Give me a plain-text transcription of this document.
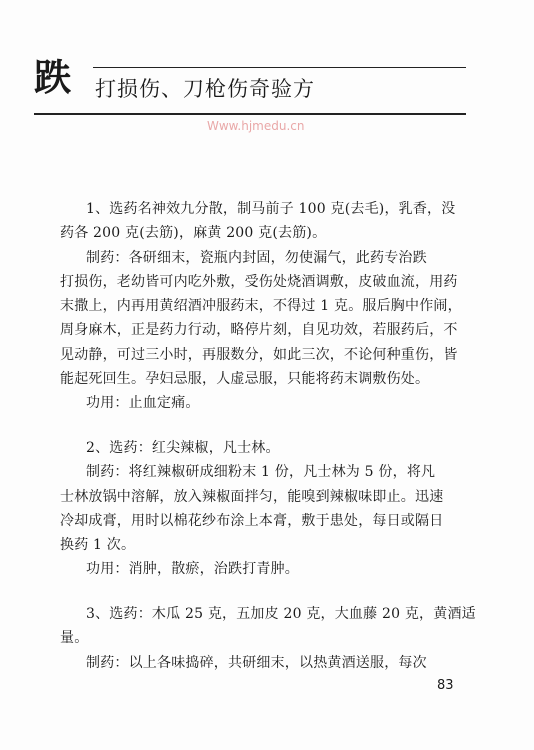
跌 打损伤、刀枪伤奇验方
Www.hjmedu.cn
1、选药名神效九分散，制马前子 100 克(去毛)，乳香，没
药各 200 克(去筋)，麻黄 200 克(去筋)。
制药：各研细末，瓷瓶内封固，勿使漏气，此药专治跌
打损伤，老幼皆可内吃外敷，受伤处烧酒调敷，皮破血流，用药
末撒上，内再用黄绍酒冲服药末，不得过 1 克。服后胸中作闹，
周身麻木，正是药力行动，略停片刻，自见功效，若服药后，不
见动静，可过三小时，再服数分，如此三次，不论何种重伤，皆
能起死回生。孕妇忌服，人虚忌服，只能将药末调敷伤处。
功用：止血定痛。
2、选药：红尖辣椒，凡士林。
制药：将红辣椒研成细粉末 1 份，凡士林为 5 份，将凡
士林放锅中溶解，放入辣椒面拌匀，能嗅到辣椒味即止。迅速
冷却成膏，用时以棉花纱布涂上本膏，敷于患处，每日或隔日
换药 1 次。
功用：消肿，散瘀，治跌打青肿。
3、选药：木瓜 25 克，五加皮 20 克，大血藤 20 克，黄酒适
量。
制药：以上各味捣碎，共研细末，以热黄酒送服，每次
83
